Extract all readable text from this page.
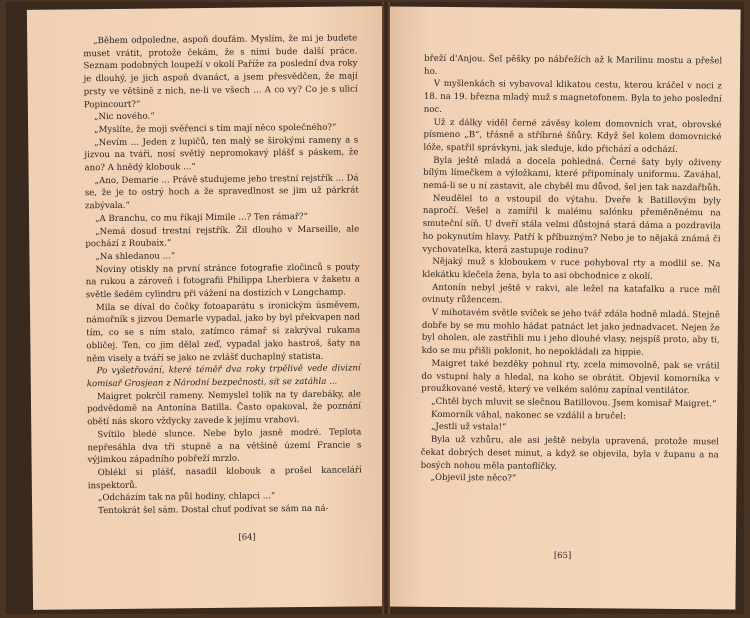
„Během odpoledne, aspoň doufám. Myslím, že mi je budete muset vrátit, protože čekám, že s nimi bude další práce. Seznam podobných loupeží v okolí Paříže za poslední dva roky je dlouhý, je jich aspoň dvanáct, a jsem přesvědčen, že mají prsty ve většině z nich, ne-li ve všech ... A co vy? Co je s ulicí Popincourt?“

„Nic nového.“

„Myslíte, že moji svěřenci s tím mají něco společného?“

„Nevím ... Jeden z lupičů, ten malý se širokými rameny a s jizvou na tváři, nosí světlý nepromokavý plášť s páskem, že ano? A hnědý klobouk ...“

„Ano, Demarie ... Právě studujeme jeho trestní rejstřík ... Dá se, že je to ostrý hoch a že spravedlnost se jim už párkrát zabývala.“

„A Branchu, co mu říkají Mimile ...? Ten rámař?“

„Nemá dosud trestní rejstřík. Žil dlouho v Marseille, ale pochází z Roubaix.“

„Na shledanou ...“

Noviny otiskly na první stránce fotografie zločinců s pouty na rukou a zároveň i fotografii Philippa Lherbiera v žaketu a světle šedém cylindru při vážení na dostizích v Longchamp.

Mila se díval do čočky fotoaparátu s ironickým úsměvem, námořník s jizvou Demarle vypadal, jako by byl překvapen nad tím, co se s ním stalo, zatímco rámař si zakrýval rukama obličej. Ten, co jim dělal zeď, vypadal jako hastroš, šaty na něm visely a tváří se jako ne zvlášť duchaplný statista.

Po vyšetřování, které téměř dva roky trpělivě vede divizní komisař Grosjean z Národní bezpečnosti, sít se zatáhla ...

Maigret pokrčil rameny. Nemyslel tolik na ty darebáky, ale podvědomě na Antonína Batilla. Často opakoval, že poznání obětí nás skoro vždycky zavede k jejímu vrahovi.

Svítilo bledé slunce. Nebe bylo jasně modré. Teplota nepřesáhla dva tři stupně a na většině území Francie s výjimkou západního pobřeží mrzlo.

Oblékl si plášť, nasadil klobouk a prošel kanceláří inspektorů.

„Odcházím tak na půl hodiny, chlapci ...“

Tentokrát šel sám. Dostal chuť podívat se sám na ná-

[64]

břeží d'Anjou. Šel pěšky po nábřežích až k Marilinu mostu a přešel ho.

V myšlenkách si vybavoval klikatou cestu, kterou kráčel v noci z 18. na 19. března mladý muž s magnetofonem. Byla to jeho poslední noc.

Už z dálky viděl černé závěsy kolem domovních vrat, obrovské písmeno „B“, třásně a stříbrné šňůry. Když šel kolem domovnické lóže, spatřil správkyni, jak sleduje, kdo přichází a odchází.

Byla ještě mladá a docela pohledná. Černé šaty byly oživeny bílým límečkem a výložkami, které připomínaly uniformu. Zaváhal, nemá-li se u ní zastavit, ale chyběl mu důvod, šel jen tak nazdařbůh.

Neudělel to a vstoupil do výtahu. Dveře k Batillovým byly napročí. Vešel a zamířil k malému salónku přeměněnému na smuteční síň. U dveří stála velmi důstojná stará dáma a pozdravila ho pokynutím hlavy. Patří k příbuzným? Nebo je to nějaká známá či vychovatelka, která zastupuje rodinu?

Nějaký muž s kloboukem v ruce pohyboval rty a modlil se. Na klekátku klečela žena, byla to asi obchodnice z okolí.

Antonín nebyl ještě v rakvi, ale ležel na katafalku a ruce měl ovinuty růžencem.

V mihotavém světle svíček se jeho tvář zdála hodně mladá. Stejně dobře by se mu mohlo hádat patnáct let jako jednadvacet. Nejen že byl oholen, ale zastřihli mu i jeho dlouhé vlasy, nejspíš proto, aby ti, kdo se mu přišli poklonit, ho nepokládali za hippie.

Maigret také bezděky pohnul rty, zcela mimovolně, pak se vrátil do vstupní haly a hledal, na koho se obrátit. Objevil komorníka v proužkované vestě, který ve velkém salónu zapínal ventilátor.

„Chtěl bych mluvit se slečnou Batillovou. Jsem komisař Maigret.“

Komorník váhal, nakonec se vzdálil a bručel:

„Jestli už vstala!“

Byla už vzhůru, ale asi ještě nebyla upravená, protože musel čekat dobrých deset minut, a když se objevila, byla v županu a na bosých nohou měla pantoflíčky.

„Objevil jste něco?“

[65]
